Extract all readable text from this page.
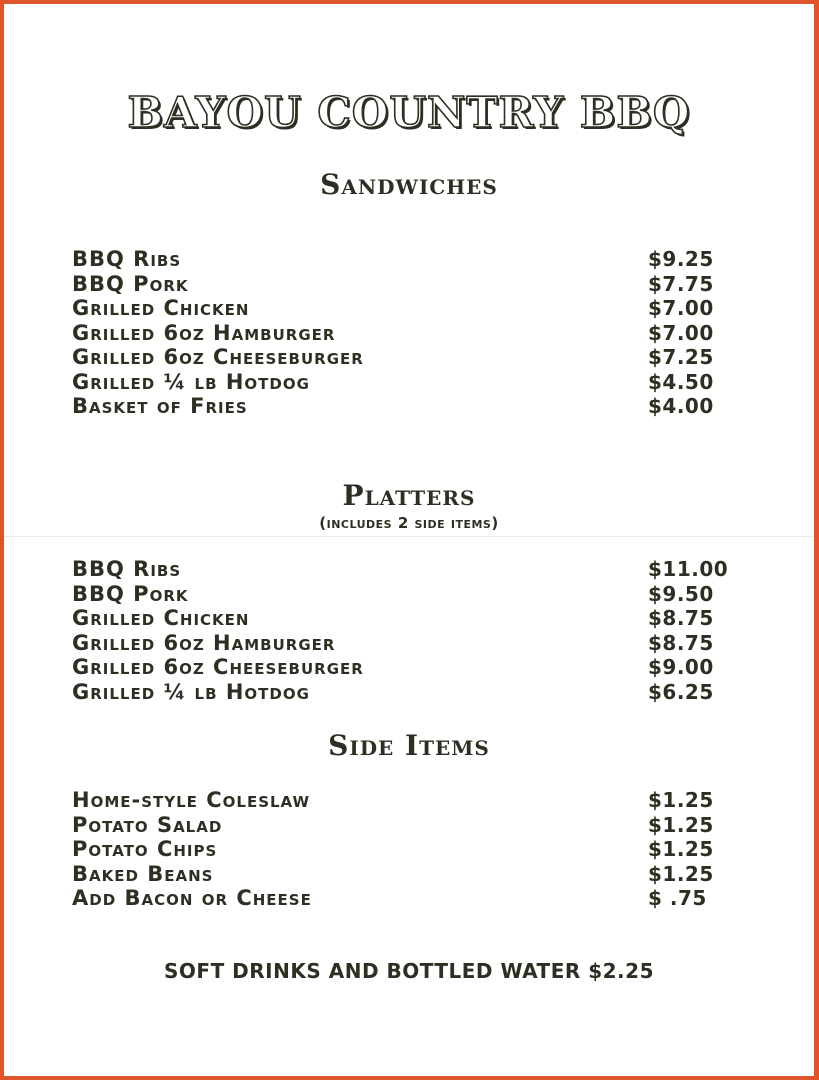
BAYOU COUNTRY BBQ
Sandwiches
BBQ Ribs	$9.25
BBQ Pork	$7.75
Grilled Chicken	$7.00
Grilled 6oz Hamburger	$7.00
Grilled 6oz Cheeseburger	$7.25
Grilled ¼ lb Hotdog	$4.50
Basket of Fries	$4.00
Platters

(includes 2 side items)

BBQ Ribs	$11.00
BBQ Pork	$9.50
Grilled Chicken	$8.75
Grilled 6oz Hamburger	$8.75
Grilled 6oz Cheeseburger	$9.00
Grilled ¼ lb Hotdog	$6.25
Side Items
Home-style Coleslaw	$1.25
Potato Salad	$1.25
Potato Chips	$1.25
Baked Beans	$1.25
Add Bacon or Cheese	$ .75

SOFT DRINKS AND BOTTLED WATER $2.25
